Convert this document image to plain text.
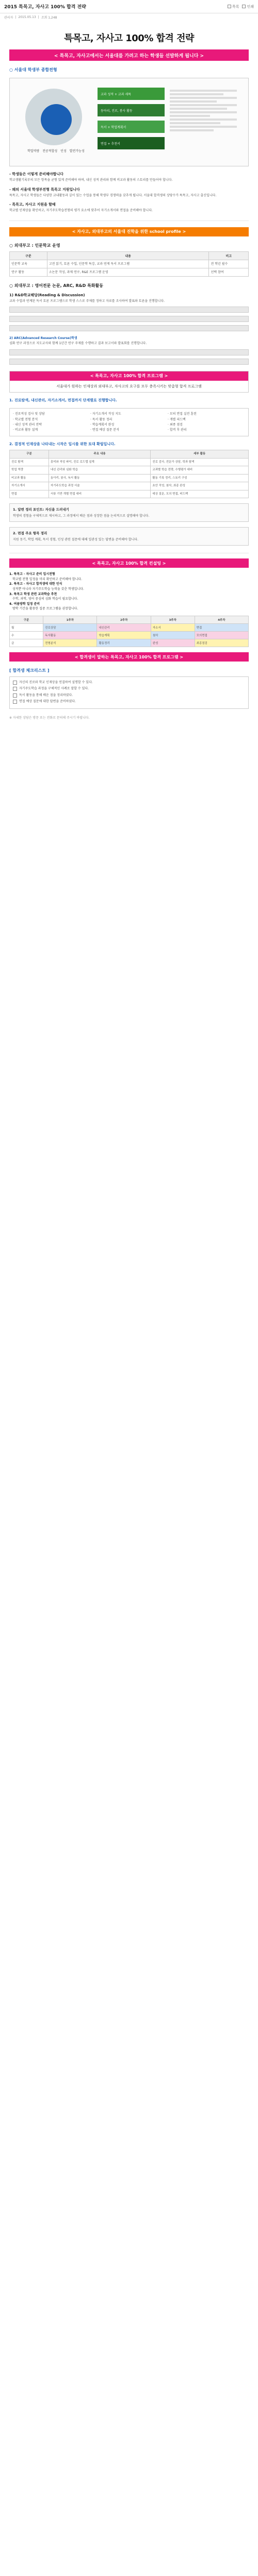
2015 특목고, 자사고 100% 합격 전략	목록 인쇄
관리자 | 2015.05.13 | 조회 1,248
특목고, 자사고 100% 합격 전략
< 특목고, 자사고에서는 서울대를 가려고 하는 학생들 선발하게 됩니다 >
○ 서울대 학생부 종합전형
학업역량 전공적합성 인성 발전가능성
교과 성적 + 교과 세특
동아리, 진로, 봉사 활동
독서 + 학업계획서
면접 + 추천서
- 학생들은 이렇게 준비해야합니다
학교생활기록부의 모든 항목을 균형 있게 준비해야 하며, 내신 성적 관리와 함께 비교과 활동의 스토리를 만들어야 합니다.
- 왜의 서울대 학생부전형 특목고 지원입니다
특목고, 자사고 학생들은 다양한 교내활동과 깊이 있는 수업을 통해 학생부 경쟁력을 갖추게 됩니다. 서울대 합격생의 상당수가 특목고, 자사고 출신입니다.
- 특목고, 자사고 지원을 할때
학교별 인재상을 확인하고, 자기주도학습전형의 평가 요소에 맞추어 자기소개서와 면접을 준비해야 합니다.
< 자사고, 외대부고의 서울대 진학을 위한 school profile >
○ 외대부고 : 인문학교 운영
구분	내용	비고
인문학 교육	고전 읽기, 토론 수업, 인문학 특강, 교과 연계 독서 프로그램	전 학년 필수
연구 활동	소논문 작성, 과제 연구, R&E 프로그램 운영	선택 참여
○ 외대부고 : 영어전문 논문, ARC, R&D 특화활동
1) R&D학교해당(Reading & Discussion)
교과 수업과 연계된 독서 토론 프로그램으로 학생 스스로 주제를 정하고 자료를 조사하여 발표와 토론을 진행합니다.
2) ARC(Advanced Research Course)학생
심화 연구 과정으로 지도교사와 함께 1년간 연구 주제를 수행하고 결과 보고서와 발표회를 진행합니다.
< 특목고, 자사고 100% 합격 프로그램 >
서울대가 원하는 인재상과 외대부고, 자사고의 요구를 모두 충족시키는 맞춤형 합격 프로그램
1. 진로탐색, 내신관리, 자기소개서, 면접까지 단계별로 진행합니다.
· 진로적성 검사 및 상담
· 학교별 전형 분석
· 내신 성적 관리 전략
· 비교과 활동 설계
· 자기소개서 작성 지도
· 독서 활동 정리
· 학습계획서 완성
· 면접 예상 질문 분석
· 모의 면접 실전 훈련
· 개별 피드백
· 최종 점검
· 합격 후 관리
2. 결정적 인재상을 나타내는 시작은 입시를 위한 토대 확립입니다.
구분	주요 내용	세부 활동
진로 탐색	흥미와 적성 파악, 진로 로드맵 설계	진로 검사, 전문가 상담, 학과 탐색
학업 역량	내신 관리와 심화 학습	교과별 학습 전략, 수행평가 대비
비교과 활동	동아리, 봉사, 독서 활동	활동 기록 정리, 스토리 구성
자기소개서	자기주도학습 과정 서술	초안 작성, 첨삭, 최종 완성
면접	서류 기반 개별 면접 대비	예상 질문, 모의 면접, 피드백
1. 답변 정리 포인트: 자신을 드러내기
학생의 경험을 구체적으로 제시하고, 그 과정에서 배운 점과 성장한 점을 논리적으로 설명해야 합니다.
2. 면접 주요 항목 정리
지원 동기, 학업 계획, 독서 경험, 인성 관련 질문에 대해 일관성 있는 답변을 준비해야 합니다.
< 특목고, 자사고 100% 합격 컨설팅 >
1. 특목고 · 자사고 준비 입시전형
학교별 전형 일정을 미리 확인하고 준비해야 합니다.
2. 특목고 · 자사고 합격생에 대한 인식
성적뿐 아니라 자기주도학습 능력을 갖춘 학생입니다.
3. 특목고 학생 관련 교과학습 추천
수학, 과학, 영어 중심의 심화 학습이 필요합니다.
4. 여름방학 일정 준비
방학 기간을 활용한 집중 프로그램을 권장합니다.
구분	1주차	2주차	3주차	4주차
월	진로상담	내신관리	자소서	면접
수	독서활동	학습계획	첨삭	모의면접
금	전형분석	활동정리	완성	최종점검
< 합격생이 말하는 특목고, 자사고 100% 합격 프로그램 >
[ 합격생 체크리스트 ]
자신의 진로와 학교 인재상을 연결하여 설명할 수 있다.
자기주도학습 과정을 구체적인 사례로 말할 수 있다.
독서 활동을 통해 배운 점을 정리하였다.
면접 예상 질문에 대한 답변을 준비하였다.
※ 자세한 상담은 방문 또는 전화로 문의해 주시기 바랍니다.
